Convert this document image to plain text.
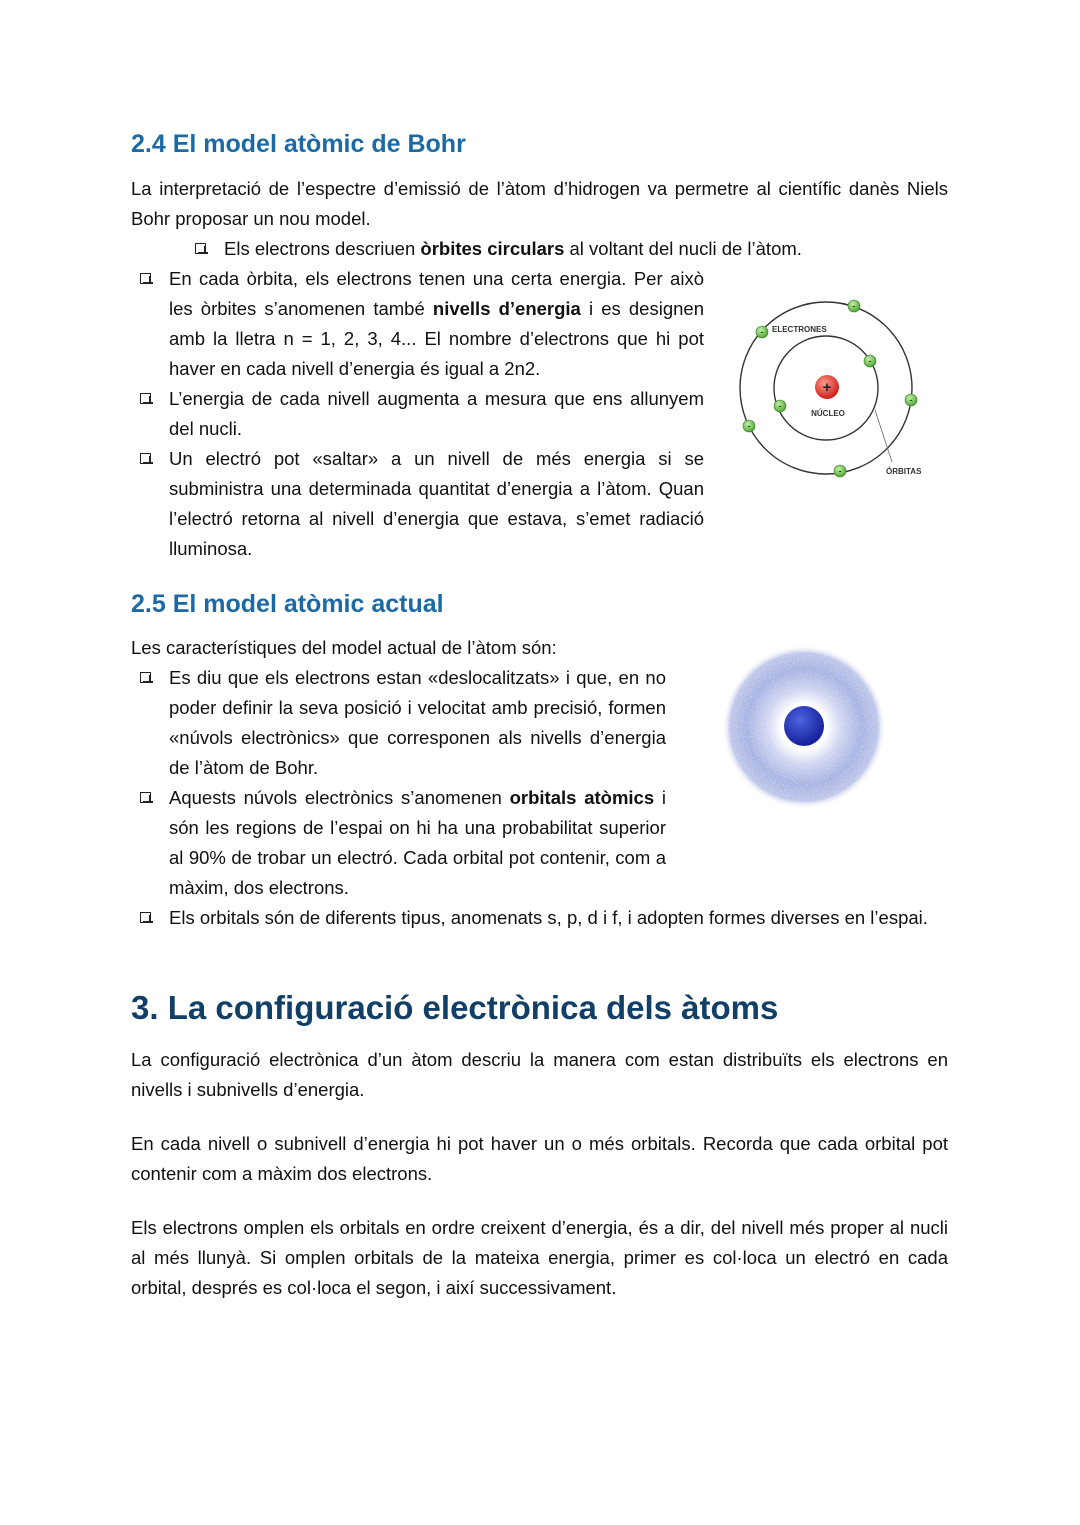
2.4 El model atòmic de Bohr

La interpretació de l’espectre d’emissió de l’àtom d’hidrogen va permetre al científic danès Niels Bohr proposar un nou model.

Els electrons descriuen òrbites circulars al voltant del nucli de l’àtom.

En cada òrbita, els electrons tenen una certa energia. Per això les òrbites s’anomenen també nivells d’energia i es designen amb la lletra n = 1, 2, 3, 4... El nombre d’electrons que hi pot haver en cada nivell d’energia és igual a 2n2.

L’energia de cada nivell augmenta a mesura que ens allunyem del nucli.

Un electró pot «saltar» a un nivell de més energia si se subministra una determinada quantitat d’energia a l’àtom. Quan l’electró retorna al nivell d’energia que estava, s’emet radiació lluminosa.

+
NÚCLEO
ELECTRONES
ÓRBITAS
-
-
-
-
-
-
-
2.5 El model atòmic actual

Les característiques del model actual de l’àtom són:

Es diu que els electrons estan «deslocalitzats» i que, en no poder definir la seva posició i velocitat amb precisió, formen «núvols electrònics» que corresponen als nivells d’energia de l’àtom de Bohr.

Aquests núvols electrònics s’anomenen orbitals atòmics i són les regions de l’espai on hi ha una probabilitat superior al 90% de trobar un electró. Cada orbital pot contenir, com a màxim, dos electrons.

Els orbitals són de diferents tipus, anomenats s, p, d i f, i adopten formes diverses en l’espai.

3. La configuració electrònica dels àtoms

La configuració electrònica d’un àtom descriu la manera com estan distribuïts els electrons en nivells i subnivells d’energia.

En cada nivell o subnivell d’energia hi pot haver un o més orbitals. Recorda que cada orbital pot contenir com a màxim dos electrons.

Els electrons omplen els orbitals en ordre creixent d’energia, és a dir, del nivell més proper al nucli al més llunyà. Si omplen orbitals de la mateixa energia, primer es col·loca un electró en cada orbital, després es col·loca el segon, i així successivament.
